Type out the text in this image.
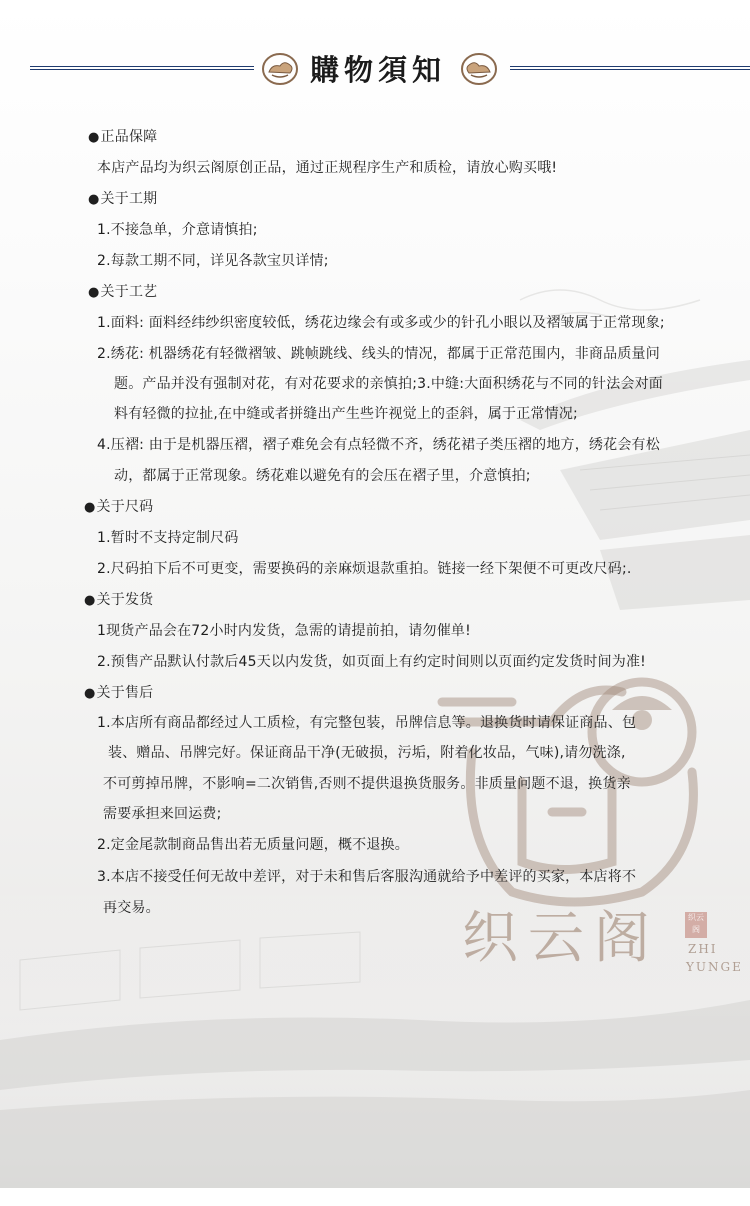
購物須知
织云阁	织云阁
ZHI
YUNGE
●正品保障
本店产品均为织云阁原创正品，通过正规程序生产和质检，请放心购买哦!
●关于工期
1.不接急单，介意请慎拍;
2.每款工期不同，详见各款宝贝详情;
●关于工艺
1.面料: 面料经纬纱织密度较低，绣花边缘会有或多或少的针孔小眼以及褶皱属于正常现象;
2.绣花: 机器绣花有轻微褶皱、跳帧跳线、线头的情况，都属于正常范围内，非商品质量问
题。产品并没有强制对花，有对花要求的亲慎拍;3.中缝:大面积绣花与不同的针法会对面
料有轻微的拉扯,在中缝或者拼缝出产生些许视觉上的歪斜，属于正常情况;
4.压褶: 由于是机器压褶，褶子难免会有点轻微不齐，绣花裙子类压褶的地方，绣花会有松
动，都属于正常现象。绣花难以避免有的会压在褶子里，介意慎拍;
●关于尺码
1.暂时不支持定制尺码
2.尺码拍下后不可更变，需要换码的亲麻烦退款重拍。链接一经下架便不可更改尺码;.
●关于发货
1现货产品会在72小时内发货，急需的请提前拍，请勿催单!
2.预售产品默认付款后45天以内发货，如页面上有约定时间则以页面约定发货时间为准!
●关于售后
1.本店所有商品都经过人工质检，有完整包装，吊牌信息等。退换货时请保证商品、包
装、赠品、吊牌完好。保证商品干净(无破损，污垢，附着化妆品，气味),请勿洗涤,
不可剪掉吊牌，不影响=二次销售,否则不提供退换货服务。非质量问题不退，换货亲
需要承担来回运费;
2.定金尾款制商品售出若无质量问题，概不退换。
3.本店不接受任何无故中差评，对于未和售后客服沟通就给予中差评的买家，本店将不
再交易。
